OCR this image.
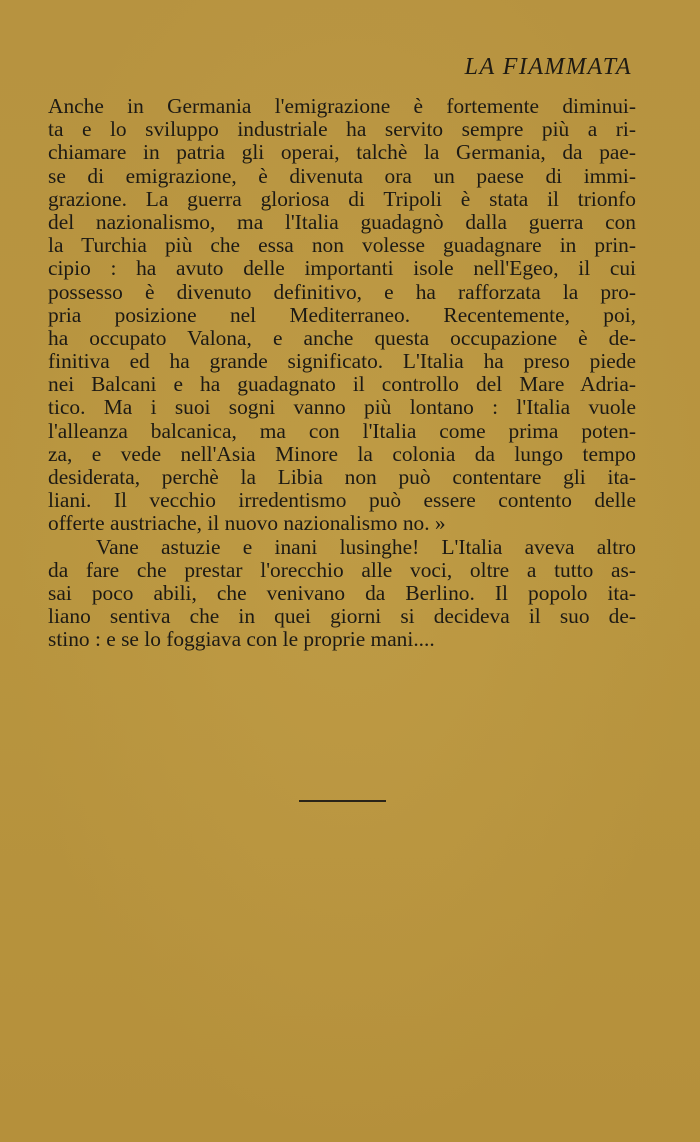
LA FIAMMATA

Anche in Germania l'emigrazione è fortemente diminui-
ta e lo sviluppo industriale ha servito sempre più a ri-
chiamare in patria gli operai, talchè la Germania, da pae-
se di emigrazione, è divenuta ora un paese di immi-
grazione. La guerra gloriosa di Tripoli è stata il trionfo
del nazionalismo, ma l'Italia guadagnò dalla guerra con
la Turchia più che essa non volesse guadagnare in prin-
cipio : ha avuto delle importanti isole nell'Egeo, il cui
possesso è divenuto definitivo, e ha rafforzata la pro-
pria posizione nel Mediterraneo. Recentemente, poi,
ha occupato Valona, e anche questa occupazione è de-
finitiva ed ha grande significato. L'Italia ha preso piede
nei Balcani e ha guadagnato il controllo del Mare Adria-
tico. Ma i suoi sogni vanno più lontano : l'Italia vuole
l'alleanza balcanica, ma con l'Italia come prima poten-
za, e vede nell'Asia Minore la colonia da lungo tempo
desiderata, perchè la Libia non può contentare gli ita-
liani. Il vecchio irredentismo può essere contento delle
offerte austriache, il nuovo nazionalismo no. »

Vane astuzie e inani lusinghe! L'Italia aveva altro
da fare che prestar l'orecchio alle voci, oltre a tutto as-
sai poco abili, che venivano da Berlino. Il popolo ita-
liano sentiva che in quei giorni si decideva il suo de-
stino : e se lo foggiava con le proprie mani....
